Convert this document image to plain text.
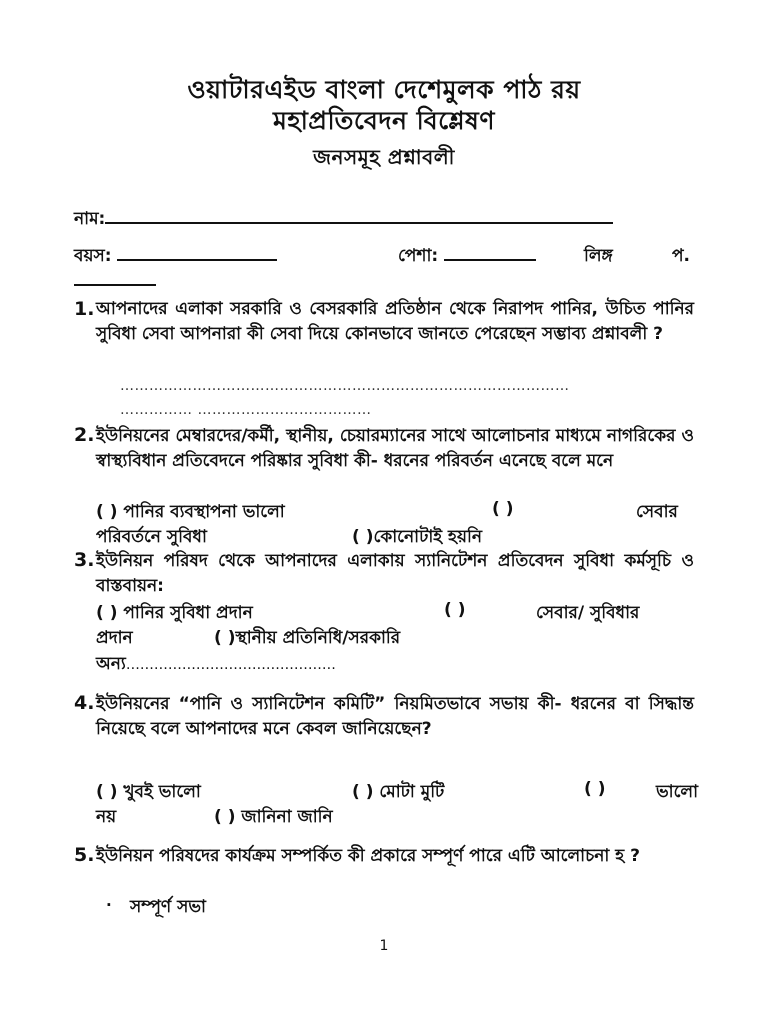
ওয়াটারএইড বাংলা দেশেমুলক পাঠ রয়
মহাপ্রতিবেদন বিশ্লেষণ
জনসমূহ প্রশ্নাবলী
নাম:
বয়স:	পেশা:	লিঙ্গ	প.
1. আপনাদের এলাকা সরকারি ও বেসরকারি প্রতিষ্ঠান থেকে নিরাপদ পানির, উচিত পানির সুবিধা সেবা আপনারা কী সেবা দিয়ে কোনভাবে জানতে পেরেছেন সম্ভাব্য প্রশ্নাবলী ?
…………………………………………………………………………………
…………… ………………………………
2. ইউনিয়নের মেম্বারদের/কর্মী, স্থানীয়, চেয়ারম্যানের সাথে আলোচনার মাধ্যমে নাগরিকের ও স্বাস্থ্যবিধান প্রতিবেদনে পরিষ্কার সুবিধা কী- ধরনের পরিবর্তন এনেছে বলে মনে
( ) পানির ব্যবস্থাপনা ভালো	( )	সেবার
পরিবর্তনে সুবিধা	( )কোনোটাই হয়নি
3. ইউনিয়ন পরিষদ থেকে আপনাদের এলাকায় স্যানিটেশন প্রতিবেদন সুবিধা কর্মসূচি ও বাস্তবায়ন:
( ) পানির সুবিধা প্রদান	( )	সেবার/ সুবিধার
প্রদান	( )স্থানীয় প্রতিনিধি/সরকারি
অন্য………………………………………
4. ইউনিয়নের “পানি ও স্যানিটেশন কমিটি” নিয়মিতভাবে সভায় কী- ধরনের বা সিদ্ধান্ত নিয়েছে বলে আপনাদের মনে কেবল জানিয়েছেন?
( ) খুবই ভালো	( ) মোটা মুটি	( )	ভালো
নয়	( ) জানিনা জানি
5. ইউনিয়ন পরিষদের কার্যক্রম সম্পর্কিত কী প্রকারে সম্পূর্ণ পারে এটি আলোচনা হ ?
· সম্পূর্ণ সভা
1
